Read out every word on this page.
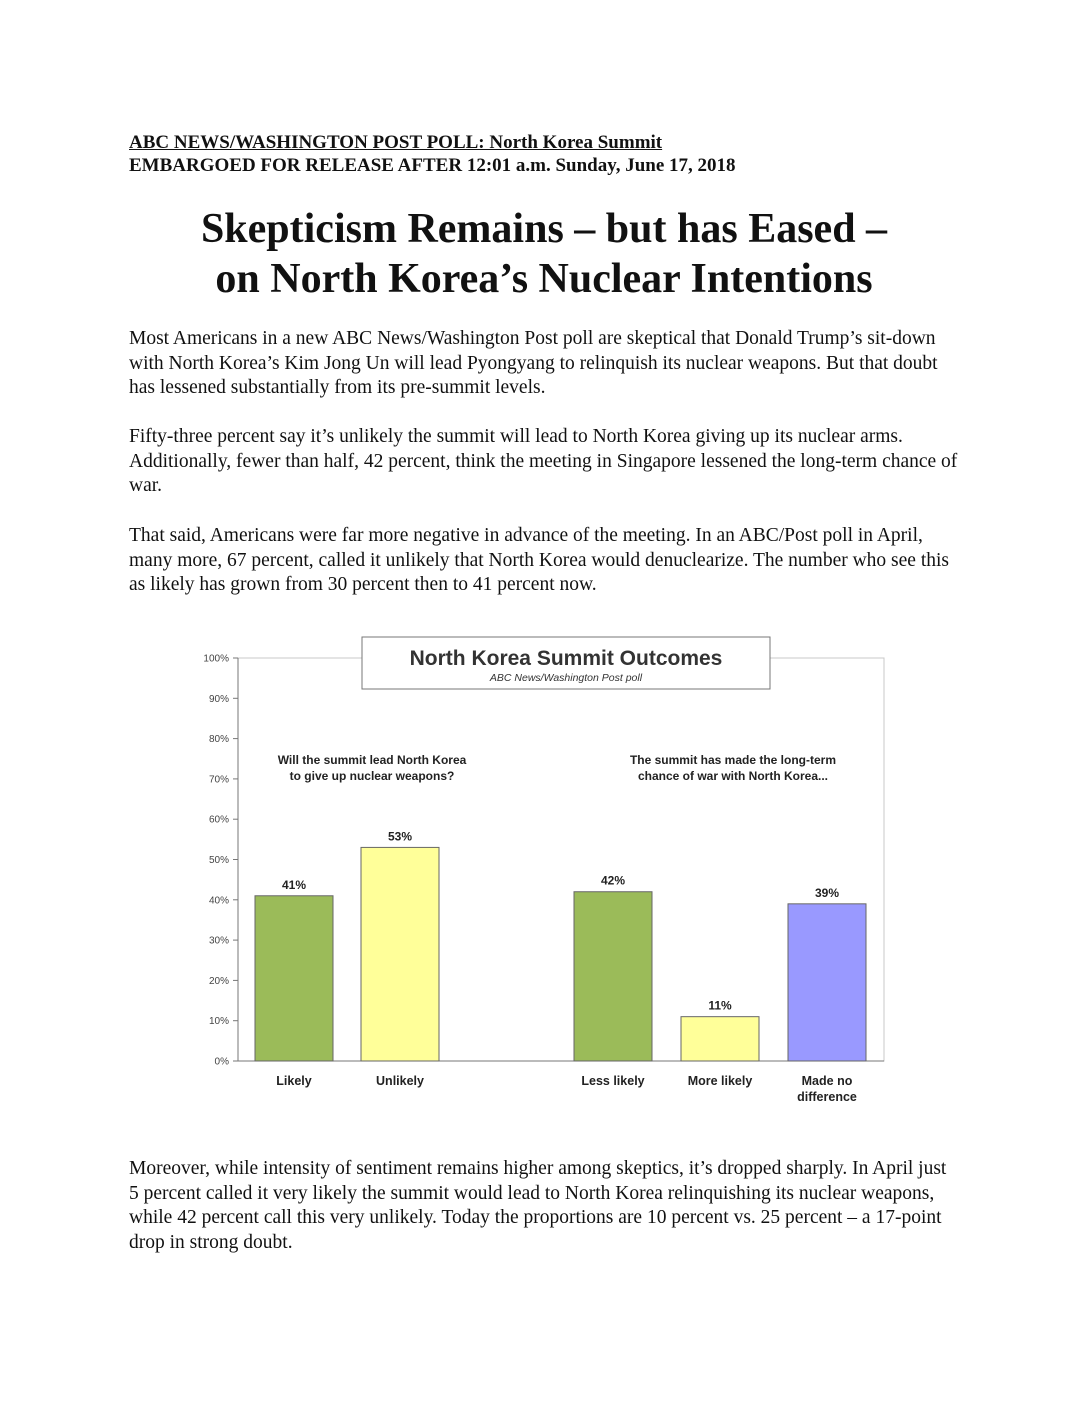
ABC NEWS/WASHINGTON POST POLL: North Korea Summit
EMBARGOED FOR RELEASE AFTER 12:01 a.m. Sunday, June 17, 2018
Skepticism Remains – but has Eased –
on North Korea’s Nuclear Intentions

Most Americans in a new ABC News/Washington Post poll are skeptical that Donald Trump’s sit-down with North Korea’s Kim Jong Un will lead Pyongyang to relinquish its nuclear weapons. But that doubt has lessened substantially from its pre-summit levels.

Fifty-three percent say it’s unlikely the summit will lead to North Korea giving up its nuclear arms. Additionally, fewer than half, 42 percent, think the meeting in Singapore lessened the long-term chance of war.

That said, Americans were far more negative in advance of the meeting. In an ABC/Post poll in April, many more, 67 percent, called it unlikely that North Korea would denuclearize. The number who see this as likely has grown from 30 percent then to 41 percent now.

North Korea Summit Outcomes
ABC News/Washington Post poll
0%
10%
20%
30%
40%
50%
60%
70%
80%
90%
100%
Will the summit lead North Korea
to give up nuclear weapons?
41%
Likely
53%
Unlikely
The summit has made the long-term
chance of war with North Korea...
42%
Less likely
11%
More likely
39%
Made no
difference

Moreover, while intensity of sentiment remains higher among skeptics, it’s dropped sharply. In April just 5 percent called it very likely the summit would lead to North Korea relinquishing its nuclear weapons, while 42 percent call this very unlikely. Today the proportions are 10 percent vs. 25 percent – a 17-point drop in strong doubt.
